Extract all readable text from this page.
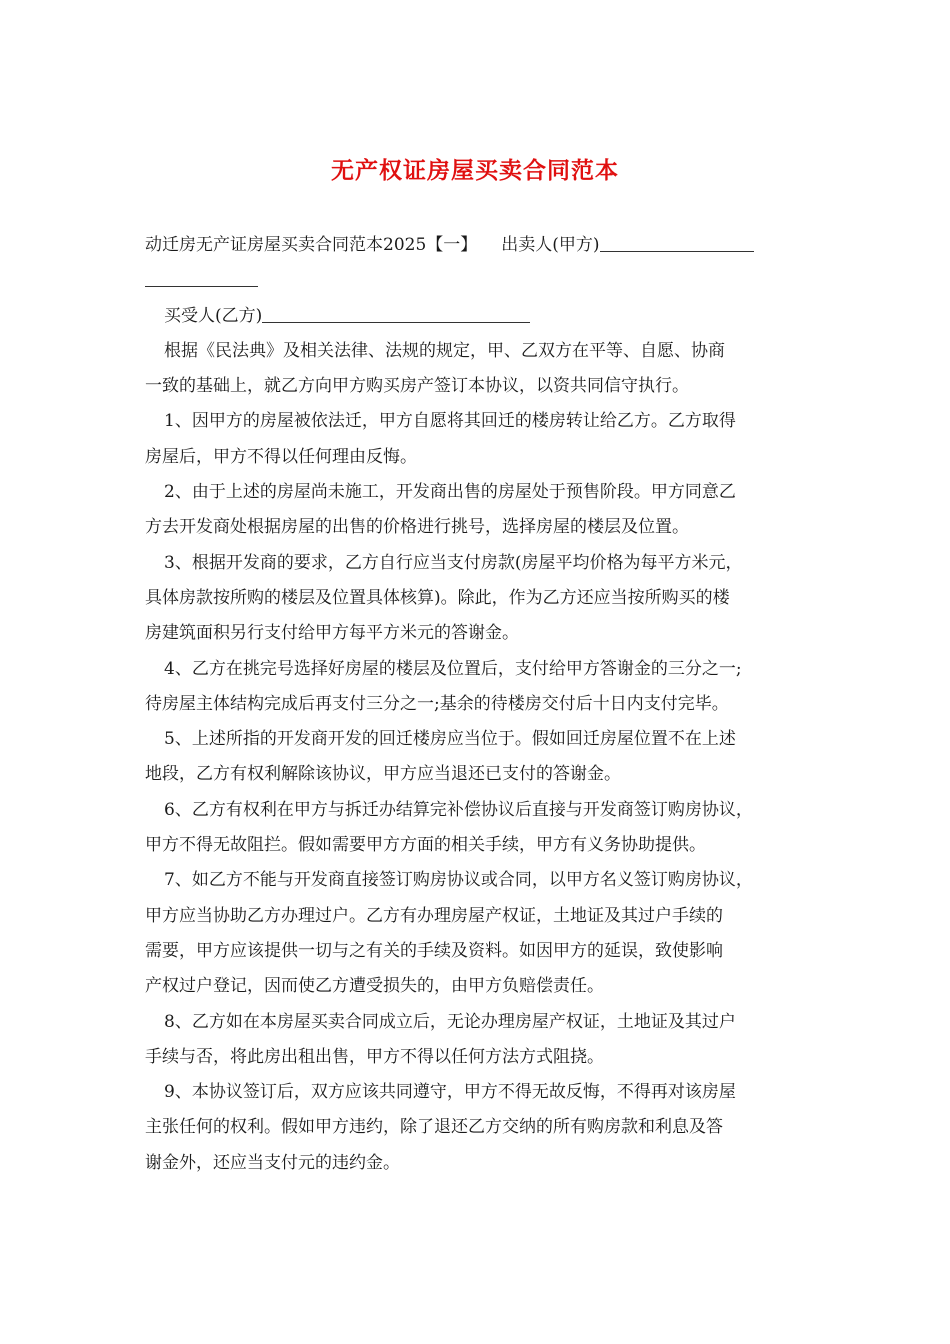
无产权证房屋买卖合同范本
动迁房无产证房屋买卖合同范本2025【一】 出卖人(甲方)
买受人(乙方)
根据《民法典》及相关法律、法规的规定，甲、乙双方在平等、自愿、协商
一致的基础上，就乙方向甲方购买房产签订本协议，以资共同信守执行。
1、因甲方的房屋被依法迁，甲方自愿将其回迁的楼房转让给乙方。乙方取得
房屋后，甲方不得以任何理由反悔。
2、由于上述的房屋尚未施工，开发商出售的房屋处于预售阶段。甲方同意乙
方去开发商处根据房屋的出售的价格进行挑号，选择房屋的楼层及位置。
3、根据开发商的要求，乙方自行应当支付房款(房屋平均价格为每平方米元，
具体房款按所购的楼层及位置具体核算)。除此，作为乙方还应当按所购买的楼
房建筑面积另行支付给甲方每平方米元的答谢金。
4、乙方在挑完号选择好房屋的楼层及位置后，支付给甲方答谢金的三分之一;
待房屋主体结构完成后再支付三分之一;基余的待楼房交付后十日内支付完毕。
5、上述所指的开发商开发的回迁楼房应当位于。假如回迁房屋位置不在上述
地段，乙方有权利解除该协议，甲方应当退还已支付的答谢金。
6、乙方有权利在甲方与拆迁办结算完补偿协议后直接与开发商签订购房协议，
甲方不得无故阻拦。假如需要甲方方面的相关手续，甲方有义务协助提供。
7、如乙方不能与开发商直接签订购房协议或合同，以甲方名义签订购房协议，
甲方应当协助乙方办理过户。乙方有办理房屋产权证，土地证及其过户手续的
需要，甲方应该提供一切与之有关的手续及资料。如因甲方的延误，致使影响
产权过户登记，因而使乙方遭受损失的，由甲方负赔偿责任。
8、乙方如在本房屋买卖合同成立后，无论办理房屋产权证，土地证及其过户
手续与否，将此房出租出售，甲方不得以任何方法方式阻挠。
9、本协议签订后，双方应该共同遵守，甲方不得无故反悔，不得再对该房屋
主张任何的权利。假如甲方违约，除了退还乙方交纳的所有购房款和利息及答
谢金外，还应当支付元的违约金。
